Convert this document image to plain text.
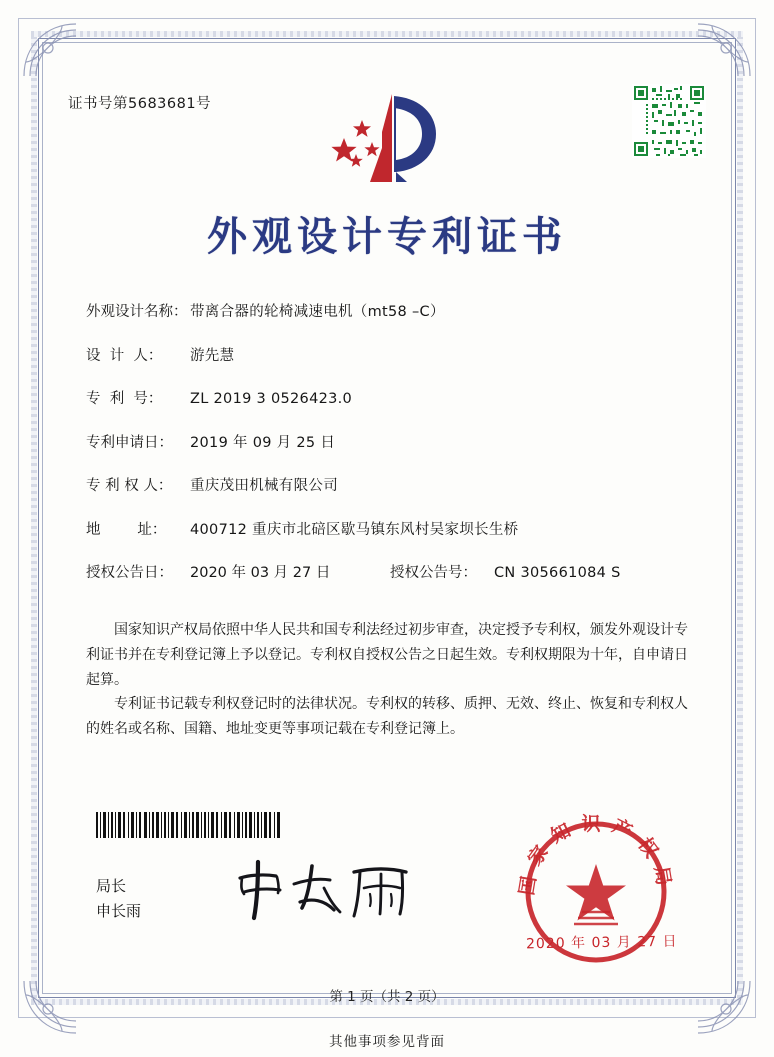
证书号第5683681号
外观设计专利证书
外观设计名称： 带离合器的轮椅减速电机（mt58 –C）
设  计  人：	游先慧
专  利  号：	ZL 2019 3 0526423.0
专利申请日：	2019 年 09 月 25 日
专 利 权 人：	重庆茂田机械有限公司
地        址：	400712 重庆市北碚区歇马镇东风村吴家坝长生桥
授权公告日：	2020 年 03 月 27 日	授权公告号：	CN 305661084 S
国家知识产权局依照中华人民共和国专利法经过初步审查，决定授予专利权，颁发外观设计专利证书并在专利登记簿上予以登记。专利权自授权公告之日起生效。专利权期限为十年，自申请日起算。
专利证书记载专利权登记时的法律状况。专利权的转移、质押、无效、终止、恢复和专利权人的姓名或名称、国籍、地址变更等事项记载在专利登记簿上。
局长
申长雨
国家知识产权局
2020 年 03 月 27 日
第 1 页（共 2 页）
其他事项参见背面
